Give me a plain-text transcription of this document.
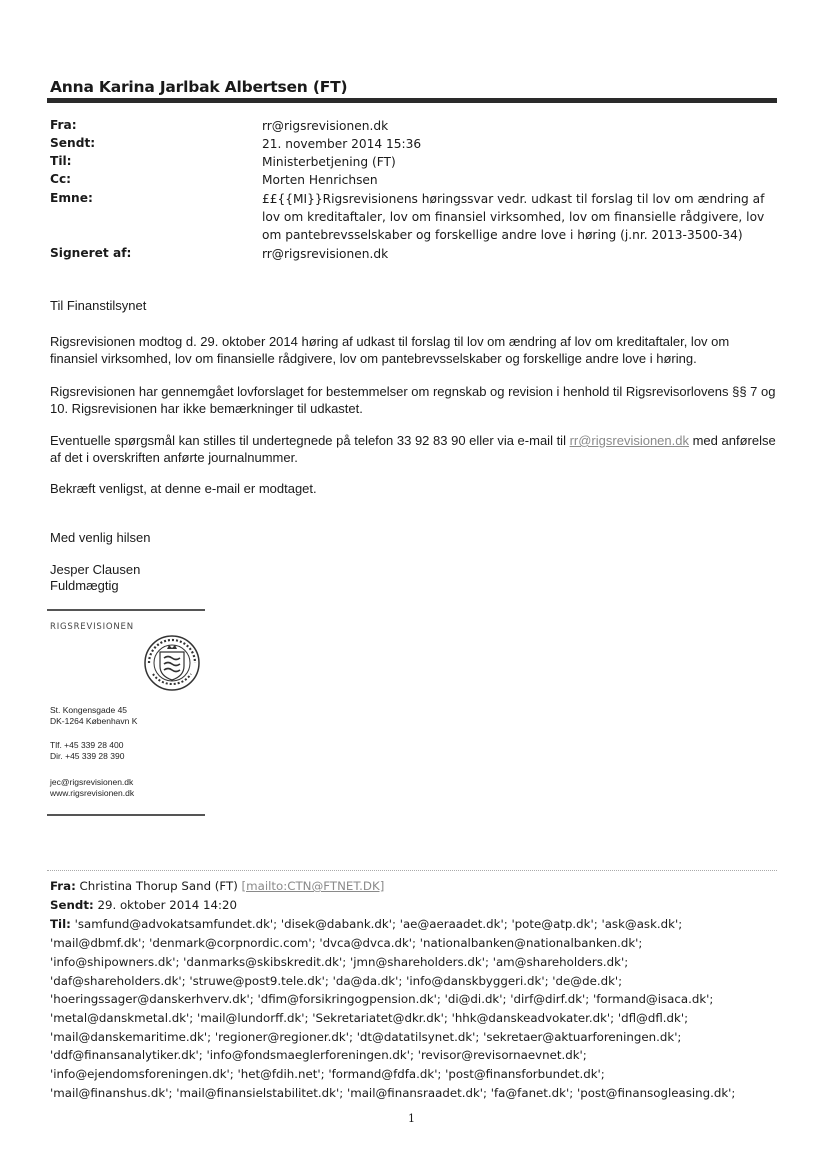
Anna Karina Jarlbak Albertsen (FT)
Fra:	rr@rigsrevisionen.dk
Sendt:	21. november 2014 15:36
Til:	Ministerbetjening (FT)
Cc:	Morten Henrichsen
Emne:	££{{MI}}Rigsrevisionens høringssvar vedr. udkast til forslag til lov om ændring af lov om kreditaftaler, lov om finansiel virksomhed, lov om finansielle rådgivere, lov om pantebrevsselskaber og forskellige andre love i høring (j.nr. 2013-3500-34)
Signeret af:	rr@rigsrevisionen.dk
Til Finanstilsynet
Rigsrevisionen modtog d. 29. oktober 2014 høring af udkast til forslag til lov om ændring af lov om kreditaftaler, lov om finansiel virksomhed, lov om finansielle rådgivere, lov om pantebrevsselskaber og forskellige andre love i høring.
Rigsrevisionen har gennemgået lovforslaget for bestemmelser om regnskab og revision i henhold til Rigsrevisorlovens §§ 7 og 10. Rigsrevisionen har ikke bemærkninger til udkastet.
Eventuelle spørgsmål kan stilles til undertegnede på telefon 33 92 83 90 eller via e-mail til rr@rigsrevisionen.dk med anførelse af det i overskriften anførte journalnummer.
Bekræft venligst, at denne e-mail er modtaget.
Med venlig hilsen
Jesper Clausen
Fuldmægtig
RIGSREVISIONEN
St. Kongensgade 45
DK-1264 København K
Tlf. +45 339 28 400
Dir. +45 339 28 390
jec@rigsrevisionen.dk
www.rigsrevisionen.dk
Fra: Christina Thorup Sand (FT) [mailto:CTN@FTNET.DK]
Sendt: 29. oktober 2014 14:20
Til: 'samfund@advokatsamfundet.dk'; 'disek@dabank.dk'; 'ae@aeraadet.dk'; 'pote@atp.dk'; 'ask@ask.dk';
'mail@dbmf.dk'; 'denmark@corpnordic.com'; 'dvca@dvca.dk'; 'nationalbanken@nationalbanken.dk';
'info@shipowners.dk'; 'danmarks@skibskredit.dk'; 'jmn@shareholders.dk'; 'am@shareholders.dk';
'daf@shareholders.dk'; 'struwe@post9.tele.dk'; 'da@da.dk'; 'info@danskbyggeri.dk'; 'de@de.dk';
'hoeringssager@danskerhverv.dk'; 'dfim@forsikringogpension.dk'; 'di@di.dk'; 'dirf@dirf.dk'; 'formand@isaca.dk';
'metal@danskmetal.dk'; 'mail@lundorff.dk'; 'Sekretariatet@dkr.dk'; 'hhk@danskeadvokater.dk'; 'dfl@dfl.dk';
'mail@danskemaritime.dk'; 'regioner@regioner.dk'; 'dt@datatilsynet.dk'; 'sekretaer@aktuarforeningen.dk';
'ddf@finansanalytiker.dk'; 'info@fondsmaeglerforeningen.dk'; 'revisor@revisornaevnet.dk';
'info@ejendomsforeningen.dk'; 'het@fdih.net'; 'formand@fdfa.dk'; 'post@finansforbundet.dk';
'mail@finanshus.dk'; 'mail@finansielstabilitet.dk'; 'mail@finansraadet.dk'; 'fa@fanet.dk'; 'post@finansogleasing.dk';
1
